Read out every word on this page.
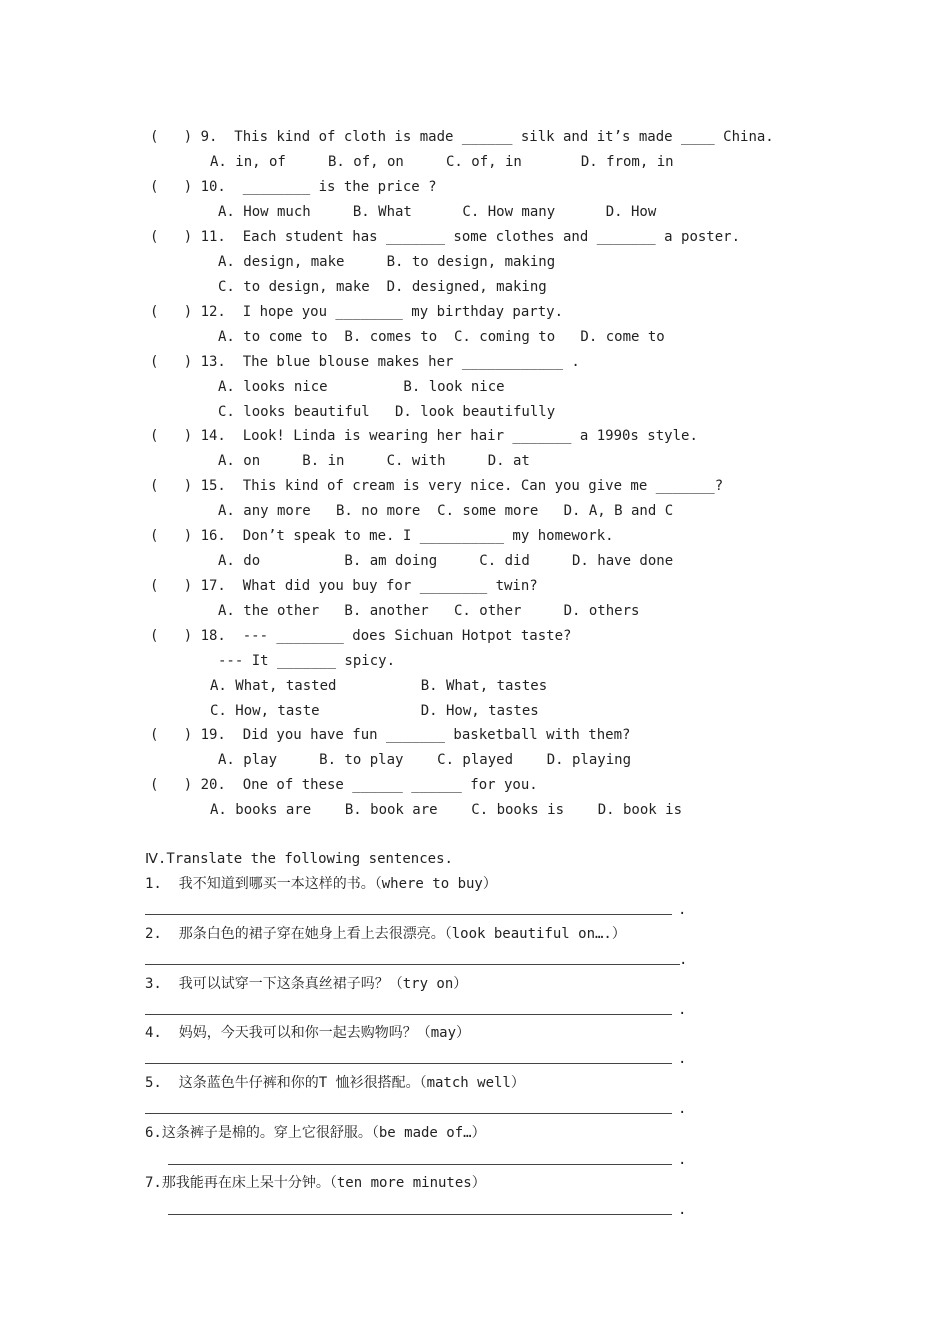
(   ) 9.  This kind of cloth is made ______ silk and it’s made ____ China.
A. in, of     B. of, on     C. of, in       D. from, in
(   ) 10.  ________ is the price ?
A. How much     B. What      C. How many      D. How
(   ) 11.  Each student has _______ some clothes and _______ a poster.
A. design, make     B. to design, making
C. to design, make  D. designed, making
(   ) 12.  I hope you ________ my birthday party.
A. to come to  B. comes to  C. coming to   D. come to
(   ) 13.  The blue blouse makes her ____________ .
A. looks nice         B. look nice
C. looks beautiful   D. look beautifully
(   ) 14.  Look! Linda is wearing her hair _______ a 1990s style.
A. on     B. in     C. with     D. at
(   ) 15.  This kind of cream is very nice. Can you give me _______?
A. any more   B. no more  C. some more   D. A, B and C
(   ) 16.  Don’t speak to me. I __________ my homework.
A. do          B. am doing     C. did     D. have done
(   ) 17.  What did you buy for ________ twin?
A. the other   B. another   C. other     D. others
(   ) 18.  --- ________ does Sichuan Hotpot taste?
--- It _______ spicy.
A. What, tasted          B. What, tastes
C. How, taste            D. How, tastes
(   ) 19.  Did you have fun _______ basketball with them?
A. play     B. to play    C. played    D. playing
(   ) 20.  One of these ______ ______ for you.
A. books are    B. book are    C. books is    D. book is
Ⅳ.Translate the following sentences.
1.  我不知道到哪买一本这样的书。（where to buy）
.
2.  那条白色的裙子穿在她身上看上去很漂亮。（look beautiful on….）
.
3.  我可以试穿一下这条真丝裙子吗？（try on）
.
4.  妈妈，今天我可以和你一起去购物吗？（may）
.
5.  这条蓝色牛仔裤和你的T 恤衫很搭配。（match well）
.
6.这条裤子是棉的。穿上它很舒服。（be made of…）
.
7.那我能再在床上呆十分钟。（ten more minutes）
.
